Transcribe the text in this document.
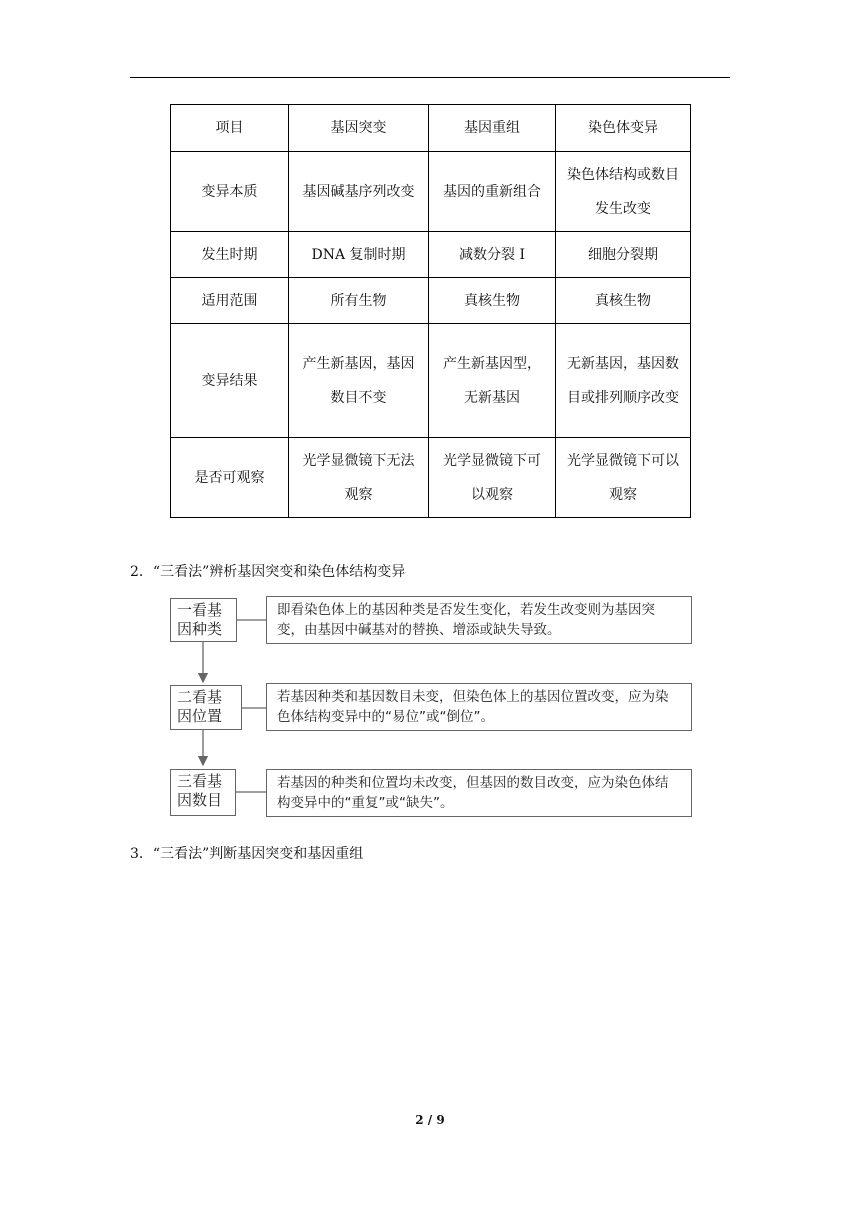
项目	基因突变	基因重组	染色体变异
变异本质	基因碱基序列改变	基因的重新组合	染色体结构或数目发生改变
发生时期	DNA 复制时期	减数分裂 I	细胞分裂期
适用范围	所有生物	真核生物	真核生物
变异结果	产生新基因，基因数目不变	产生新基因型，无新基因	无新基因，基因数目或排列顺序改变
是否可观察	光学显微镜下无法观察	光学显微镜下可以观察	光学显微镜下可以观察
2．“三看法”辨析基因突变和染色体结构变异
一看基因种类
即看染色体上的基因种类是否发生变化，若发生改变则为基因突变，由基因中碱基对的替换、增添或缺失导致。
二看基因位置
若基因种类和基因数目未变，但染色体上的基因位置改变，应为染色体结构变异中的“易位”或“倒位”。
三看基因数目
若基因的种类和位置均未改变，但基因的数目改变，应为染色体结构变异中的“重复”或“缺失”。
3．“三看法”判断基因突变和基因重组
2 / 9
